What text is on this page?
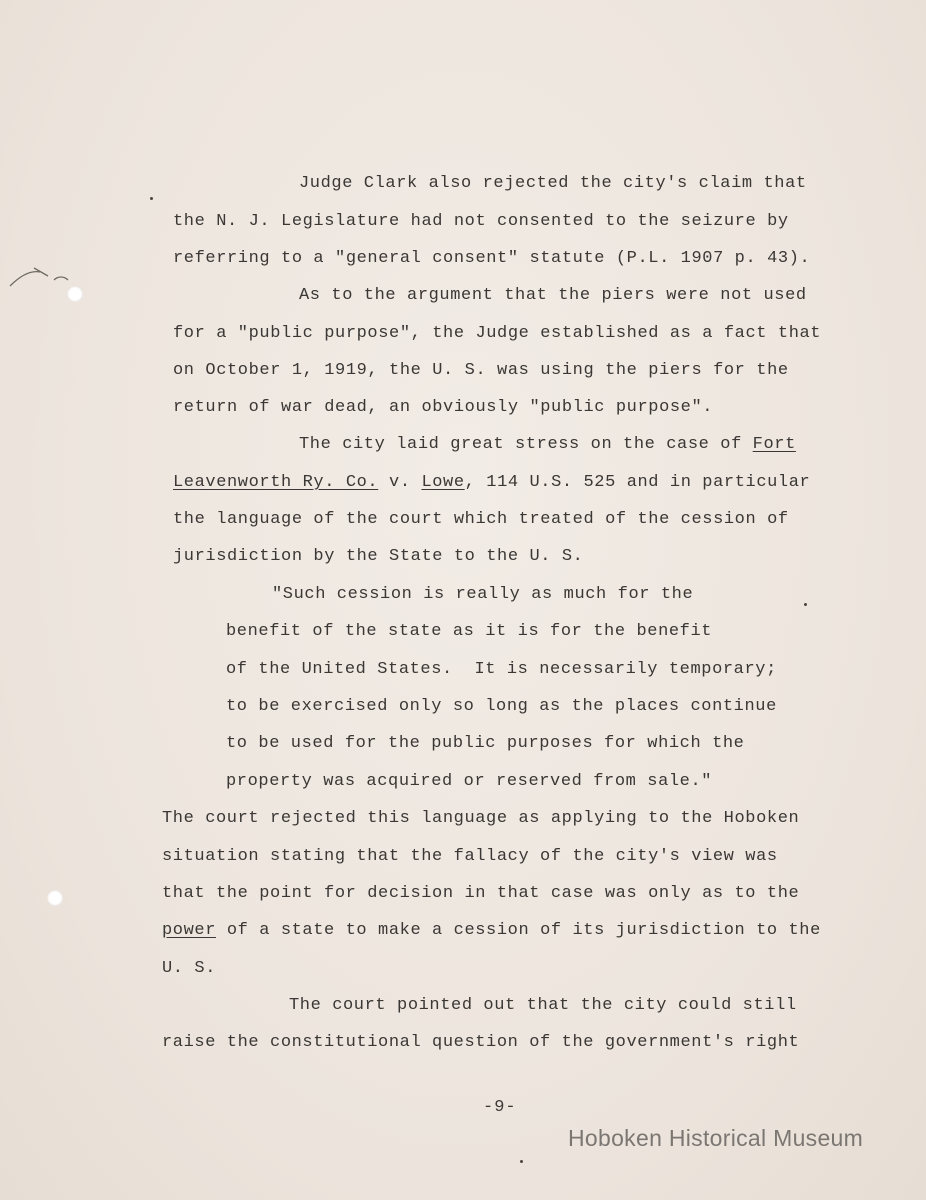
Judge Clark also rejected the city's claim that
the N. J. Legislature had not consented to the seizure by
referring to a "general consent" statute (P.L. 1907 p. 43).
As to the argument that the piers were not used
for a "public purpose", the Judge established as a fact that
on October 1, 1919, the U. S. was using the piers for the
return of war dead, an obviously "public purpose".
The city laid great stress on the case of Fort
Leavenworth Ry. Co. v. Lowe, 114 U.S. 525 and in particular
the language of the court which treated of the cession of
jurisdiction by the State to the U. S.
"Such cession is really as much for the
benefit of the state as it is for the benefit
of the United States.  It is necessarily temporary;
to be exercised only so long as the places continue
to be used for the public purposes for which the
property was acquired or reserved from sale."
The court rejected this language as applying to the Hoboken
situation stating that the fallacy of the city's view was
that the point for decision in that case was only as to the
power of a state to make a cession of its jurisdiction to the
U. S.
The court pointed out that the city could still
raise the constitutional question of the government's right
-9-
Hoboken Historical Museum
